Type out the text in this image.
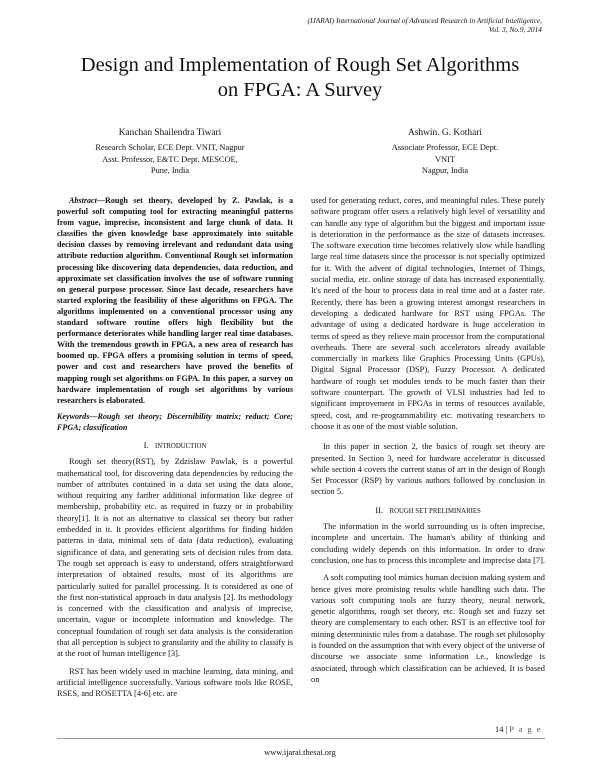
(IJARAI) International Journal of Advanced Research in Artificial Intelligence,
Vol. 3, No.9, 2014
Design and Implementation of Rough Set Algorithms
on FPGA: A Survey
Kanchan Shailendra Tiwari
Research Scholar, ECE Dept. VNIT, Nagpur
Asst. Professor, E&TC Dept. MESCOE,
Pune, India
Ashwin. G. Kothari
Associate Professor, ECE Dept.
VNIT
Nagpur, India

Abstract—Rough set theory, developed by Z. Pawlak, is a powerful soft computing tool for extracting meaningful patterns from vague, imprecise, inconsistent and large chunk of data. It classifies the given knowledge base approximately into suitable decision classes by removing irrelevant and redundant data using attribute reduction algorithm. Conventional Rough set information processing like discovering data dependencies, data reduction, and approximate set classification involves the use of software running on general purpose processor. Since last decade, researchers have started exploring the feasibility of these algorithms on FPGA. The algorithms implemented on a conventional processor using any standard software routine offers high flexibility but the performance deteriorates while handling larger real time databases. With the tremendous growth in FPGA, a new area of research has boomed up. FPGA offers a promising solution in terms of speed, power and cost and researchers have proved the benefits of mapping rough set algorithms on FGPA. In this paper, a survey on hardware implementation of rough set algorithms by various researchers is elaborated.

Keywords—Rough set theory; Discernibility matrix; reduct; Core; FPGA; classification
I. INTRODUCTION

Rough set theory(RST), by Zdzislaw Pawlak, is a powerful mathematical tool, for discovering data dependencies by reducing the number of attributes contained in a data set using the data alone, without requiring any farther additional information like degree of membership, probability etc. as required in fuzzy or in probability theory[1]. It is not an alternative to classical set theory but rather embedded in it. It provides efficient algorithms for finding hidden patterns in data, minimal sets of data (data reduction), evaluating significance of data, and generating sets of decision rules from data. The rough set approach is easy to understand, offers straightforward interpretation of obtained results, most of its algorithms are particularly suited for parallel processing. It is considered as one of the first non-statistical approach in data analysis [2]. Its methodology is concerned with the classification and analysis of imprecise, uncertain, vague or incomplete information and knowledge. The conceptual foundation of rough set data analysis is the consideration that all perception is subject to granularity and the ability to classify is at the root of human intelligence [3].

RST has been widely used in machine learning, data mining, and artificial intelligence successfully. Various software tools like ROSE, RSES, and ROSETTA [4-6] etc. are

used for generating reduct, cores, and meaningful rules. These purely software program offer users a relatively high level of versatility and can handle any type of algorithm but the biggest and important issue is deterioration in the performance as the size of datasets increases. The software execution time becomes relatively slow while handling large real time datasets since the processor is not specially optimized for it. With the advent of digital technologies, Internet of Things, social media, etc. online storage of data has increased exponentially. It's need of the hour to process data in real time and at a faster rate. Recently, there has been a growing interest amongst researchers in developing a dedicated hardware for RST using FPGAs. The advantage of using a dedicated hardware is huge acceleration in terms of speed as they relieve main processor from the computational overheads. There are several such accelerators already available commercially in markets like Graphics Processing Units (GPUs), Digital Signal Processor (DSP), Fuzzy Processor. A dedicated hardware of rough set modules tends to be much faster than their software counterpart. The growth of VLSI industries had led to significant improvement in FPGAs in terms of resources available, speed, cost, and re-programmability etc. motivating researchers to choose it as one of the most viable solution.

In this paper in section 2, the basics of rough set theory are presented. In Section 3, need for hardware accelerator is discussed while section 4 covers the current status of art in the design of Rough Set Processor (RSP) by various authors followed by conclusion in section 5.

II. ROUGH SET PRELIMINARIES

The information in the world surrounding us is often imprecise, incomplete and uncertain. The human's ability of thinking and concluding widely depends on this information. In order to draw conclusion, one has to process this incomplete and imprecise data [7].

A soft computing tool mimics human decision making system and hence gives more promising results while handling such data. The various soft computing tools are fuzzy theory, neural network, genetic algorithms, rough set theory, etc. Rough set and fuzzy set theory are complementary to each other. RST is an effective tool for mining deterministic rules from a database. The rough set philosophy is founded on the assumption that with every object of the universe of discourse we associate some information i.e., knowledge is associated, through which classification can be achieved. It is based on

14 | P a g e
www.ijarai.thesai.org
